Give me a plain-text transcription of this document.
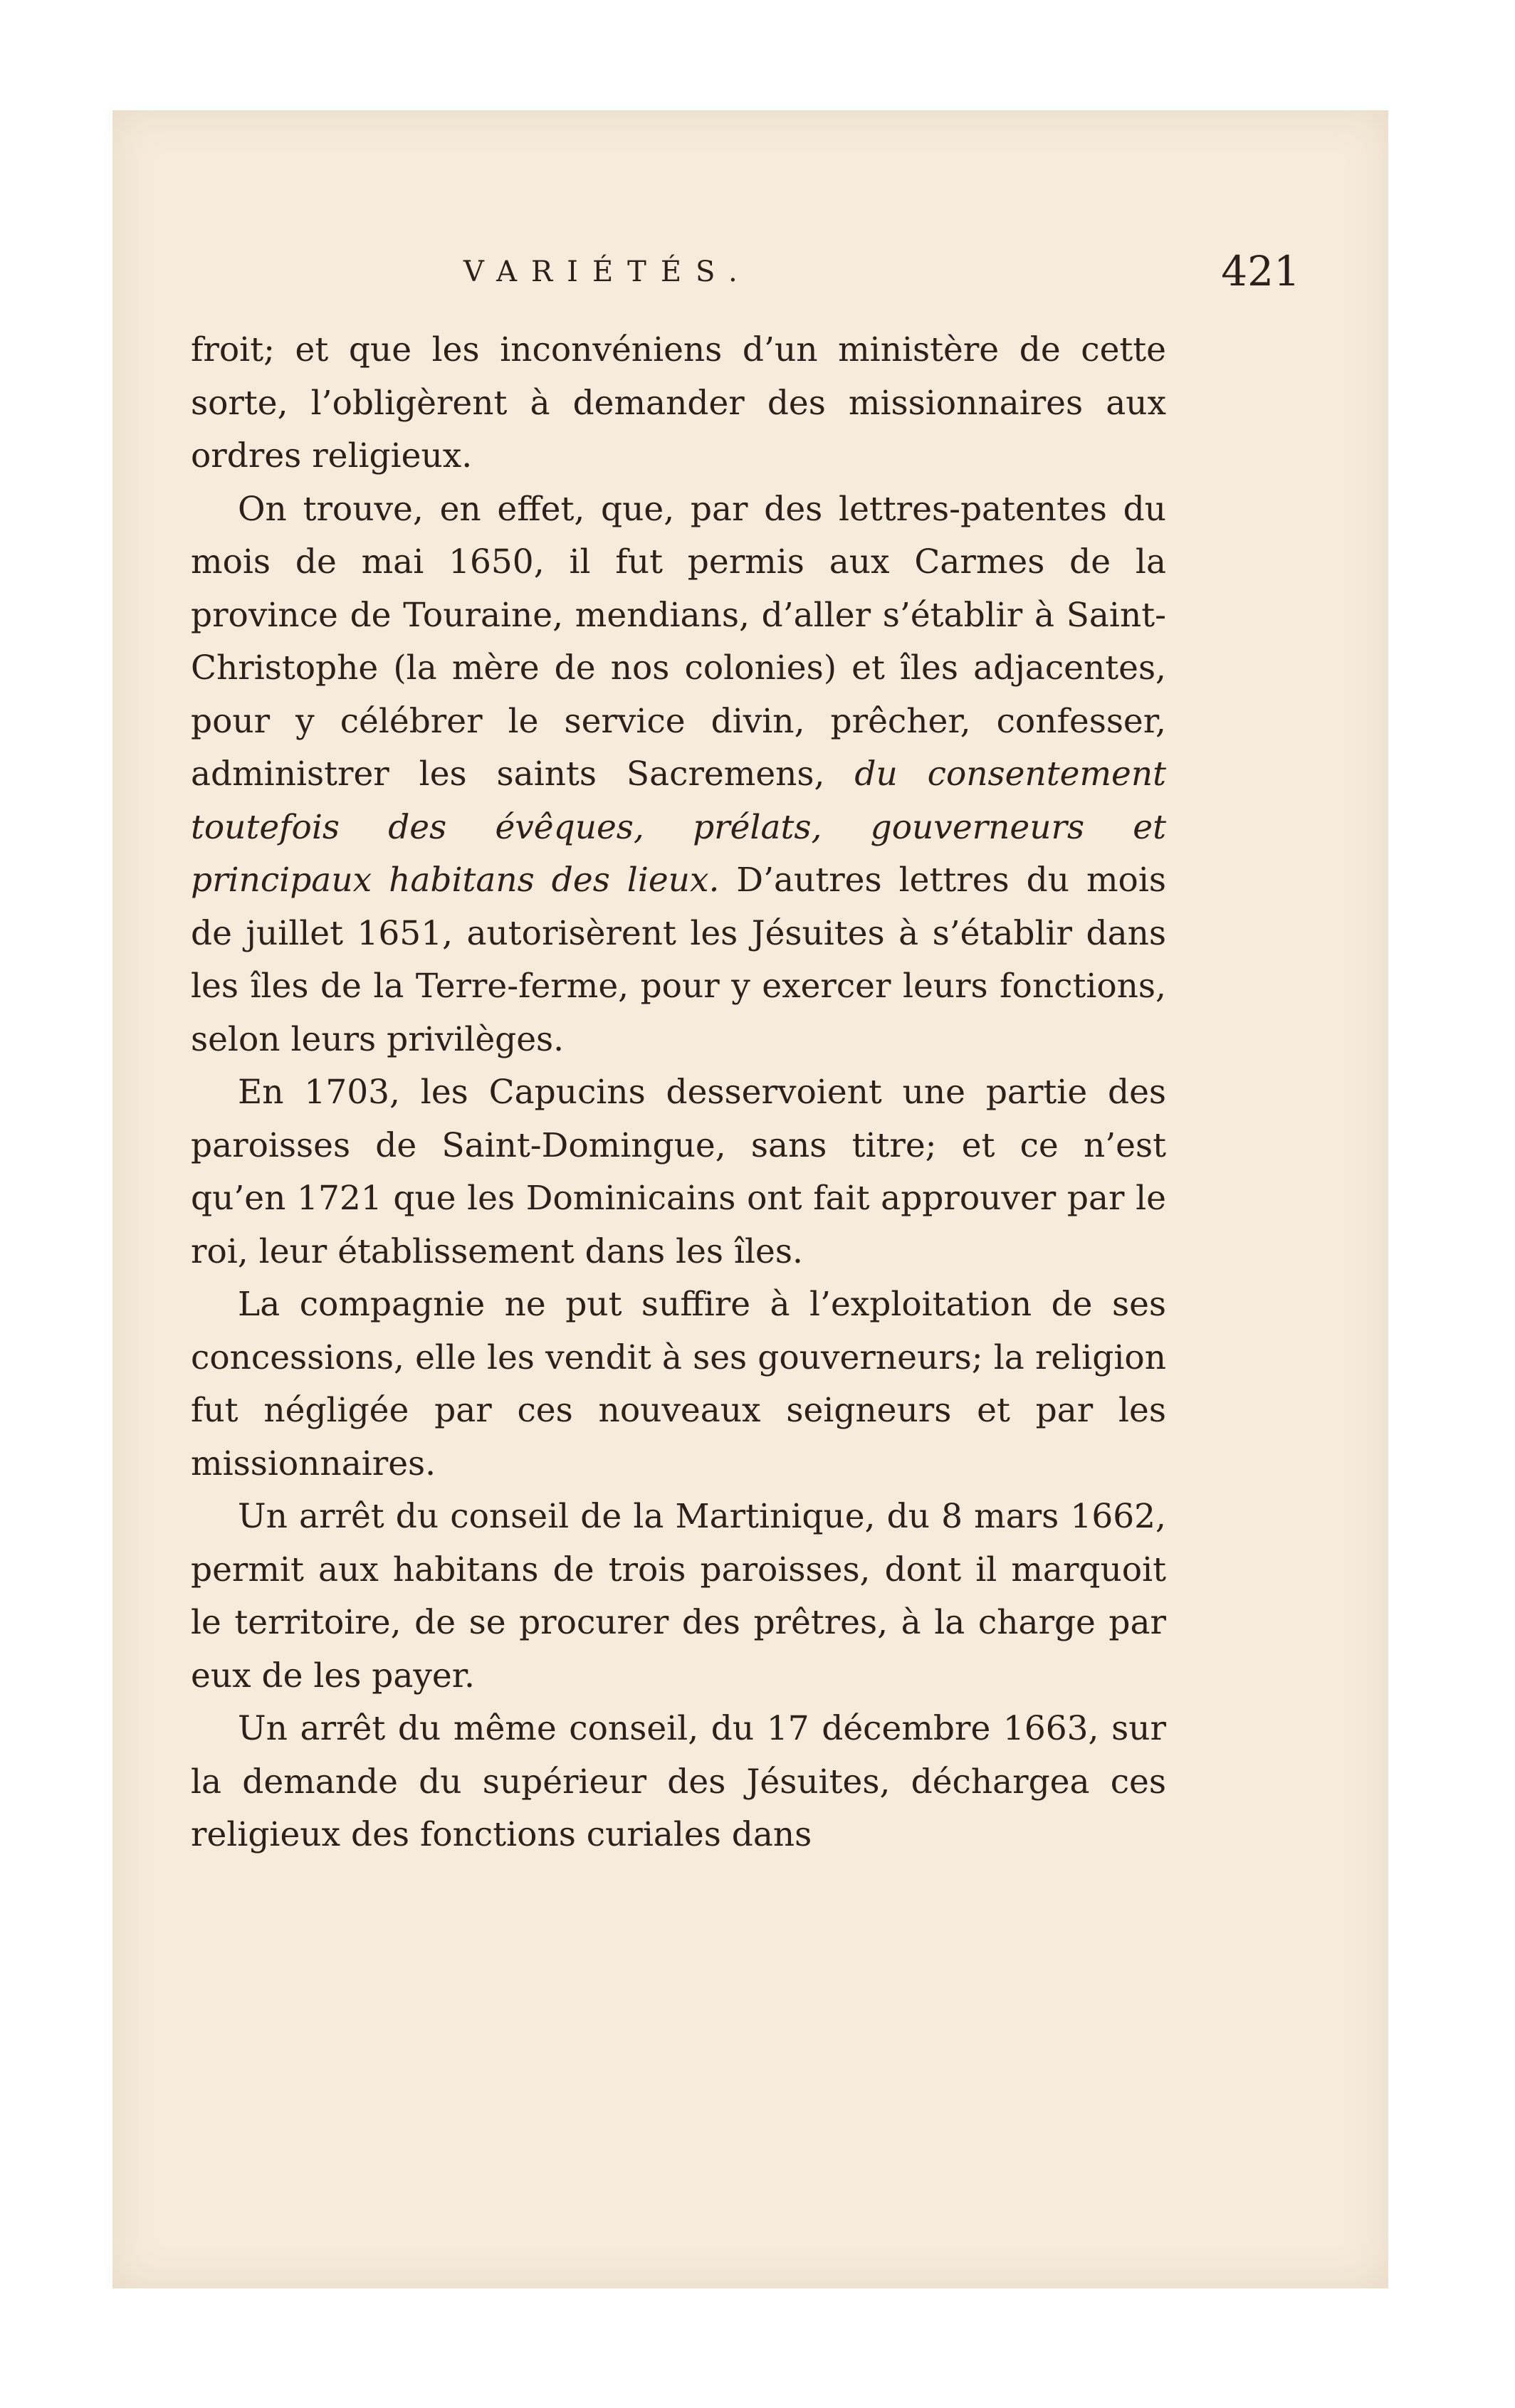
VARIÉTÉS.	421

froit; et que les inconvéniens d’un ministère de cette sorte, l’obligèrent à demander des missionnaires aux ordres religieux.

On trouve, en effet, que, par des lettres-patentes du mois de mai 1650, il fut permis aux Carmes de la province de Touraine, mendians, d’aller s’établir à Saint-Christophe (la mère de nos colonies) et îles adjacentes, pour y célébrer le service divin, prêcher, confesser, administrer les saints Sacremens, du consentement toutefois des évêques, prélats, gouverneurs et principaux habitans des lieux. D’autres lettres du mois de juillet 1651, autorisèrent les Jésuites à s’établir dans les îles de la Terre-ferme, pour y exercer leurs fonctions, selon leurs privilèges.

En 1703, les Capucins desservoient une partie des paroisses de Saint-Domingue, sans titre; et ce n’est qu’en 1721 que les Dominicains ont fait approuver par le roi, leur établissement dans les îles.

La compagnie ne put suffire à l’exploitation de ses concessions, elle les vendit à ses gouverneurs; la religion fut négligée par ces nouveaux seigneurs et par les missionnaires.

Un arrêt du conseil de la Martinique, du 8 mars 1662, permit aux habitans de trois paroisses, dont il marquoit le territoire, de se procurer des prêtres, à la charge par eux de les payer.

Un arrêt du même conseil, du 17 décembre 1663, sur la demande du supérieur des Jésuites, déchargea ces religieux des fonctions curiales dans
